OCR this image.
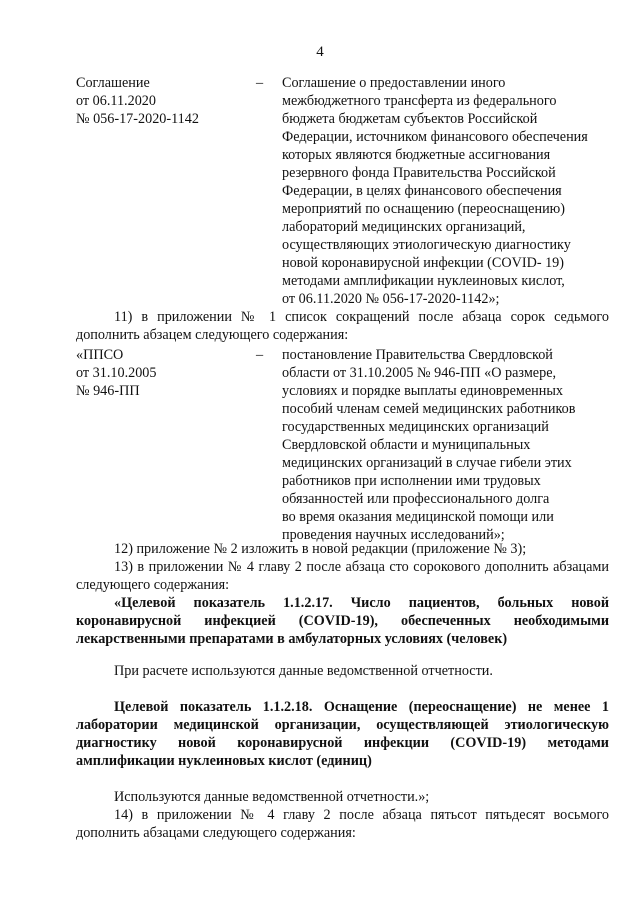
4
Соглашение
от 06.11.2020
№ 056-17-2020-1142
–	Соглашение о предоставлении иного
межбюджетного трансферта из федерального
бюджета бюджетам субъектов Российской
Федерации, источником финансового обеспечения
которых являются бюджетные ассигнования
резервного фонда Правительства Российской
Федерации, в целях финансового обеспечения
мероприятий по оснащению (переоснащению)
лабораторий медицинских организаций,
осуществляющих этиологическую диагностику
новой коронавирусной инфекции (COVID- 19)
методами амплификации нуклеиновых кислот,
от 06.11.2020 № 056-17-2020-1142»;
11) в приложении № 1 список сокращений после абзаца сорок седьмого дополнить абзацем следующего содержания:
«ППСО
от 31.10.2005
№ 946-ПП
–	постановление Правительства Свердловской
области от 31.10.2005 № 946-ПП «О размере,
условиях и порядке выплаты единовременных
пособий членам семей медицинских работников
государственных медицинских организаций
Свердловской области и муниципальных
медицинских организаций в случае гибели этих
работников при исполнении ими трудовых
обязанностей или профессионального долга
во время оказания медицинской помощи или
проведения научных исследований»;
12) приложение № 2 изложить в новой редакции (приложение № 3);
13) в приложении № 4 главу 2 после абзаца сто сорокового дополнить абзацами следующего содержания:
«Целевой показатель 1.1.2.17. Число пациентов, больных новой коронавирусной инфекцией (COVID-19), обеспеченных необходимыми лекарственными препаратами в амбулаторных условиях (человек)
При расчете используются данные ведомственной отчетности.
Целевой показатель 1.1.2.18. Оснащение (переоснащение) не менее 1 лаборатории медицинской организации, осуществляющей этиологическую диагностику новой коронавирусной инфекции (COVID-19) методами амплификации нуклеиновых кислот (единиц)
Используются данные ведомственной отчетности.»;
14) в приложении № 4 главу 2 после абзаца пятьсот пятьдесят восьмого дополнить абзацами следующего содержания:
